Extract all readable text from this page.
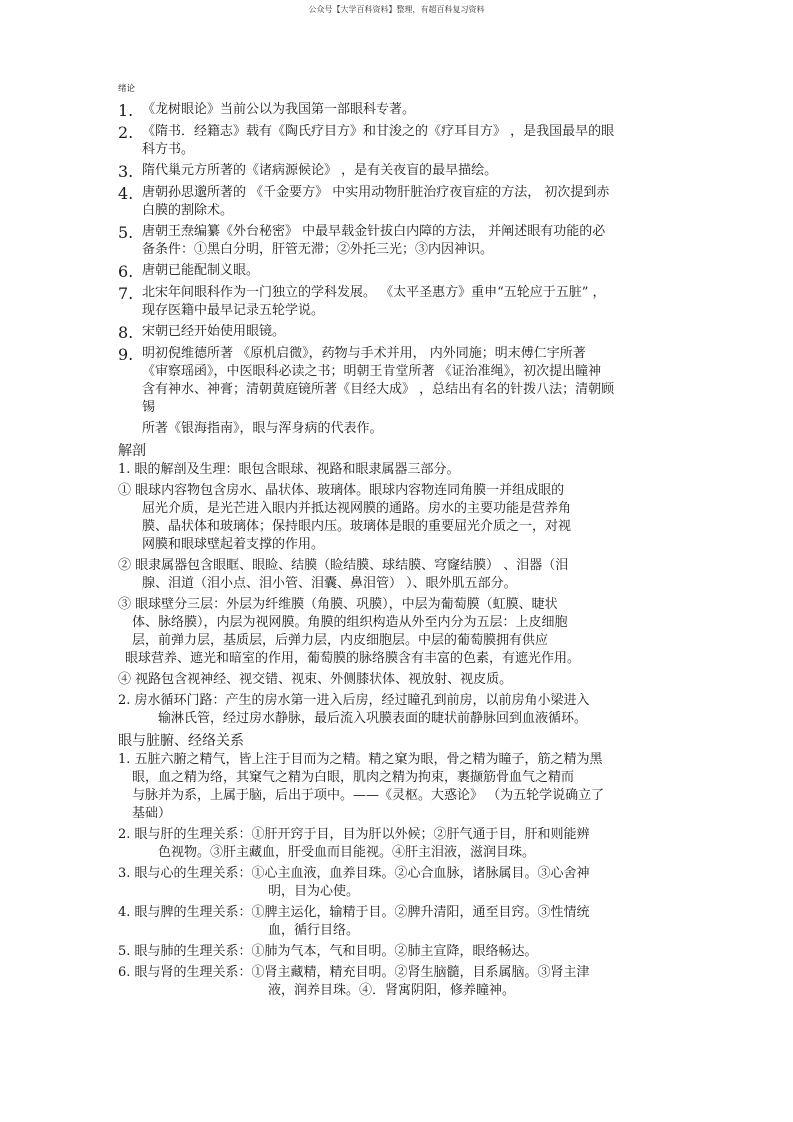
公众号【大学百科资料】整理，有超百科复习资料
绪论
1. 《龙树眼论》当前公以为我国第一部眼科专著。

2. 《隋书．经籍志》载有《陶氏疗目方》和甘浚之的《疗耳目方》 ，是我国最早的眼

科方书。

3. 隋代巢元方所著的《诸病源候论》 ，是有关夜盲的最早描绘。

4. 唐朝孙思邈所著的 《千金要方》 中实用动物肝脏治疗夜盲症的方法， 初次提到赤

白膜的割除术。

5. 唐朝王焘编纂《外台秘密》 中最早载金针拔白内障的方法， 并阐述眼有功能的必

备条件：①黑白分明，肝管无滞；②外托三光；③内因神识。

6. 唐朝已能配制义眼。

7. 北宋年间眼科作为一门独立的学科发展。 《太平圣惠方》重申“五轮应于五脏” ，

现存医籍中最早记录五轮学说。

8. 宋朝已经开始使用眼镜。

9. 明初倪维德所著 《原机启微》，药物与手术并用， 内外同施；明末傅仁宇所著

《审察瑶函》，中医眼科必读之书；明朝王肯堂所著 《证治准绳》，初次提出瞳神

含有神水、神膏；清朝黄庭镜所著《目经大成》 ，总结出有名的针拨八法；清朝顾

锡

所著《银海指南》，眼与浑身病的代表作。

解剖

1. 眼的解剖及生理：眼包含眼球、视路和眼隶属器三部分。

① 眼球内容物包含房水、晶状体、玻璃体。眼球内容物连同角膜一并组成眼的

屈光介质，是光芒进入眼内并抵达视网膜的通路。房水的主要功能是营养角

膜、晶状体和玻璃体；保持眼内压。玻璃体是眼的重要屈光介质之一，对视

网膜和眼球壁起着支撑的作用。

② 眼隶属器包含眼眶、眼睑、结膜（睑结膜、球结膜、穹窿结膜） 、泪器（泪

腺、泪道（泪小点、泪小管、泪囊、鼻泪管） ）、眼外肌五部分。

③ 眼球壁分三层：外层为纤维膜（角膜、巩膜），中层为葡萄膜（虹膜、睫状

体、脉络膜），内层为视网膜。角膜的组织构造从外至内分为五层：上皮细胞

层，前弹力层，基质层，后弹力层，内皮细胞层。中层的葡萄膜拥有供应

眼球营养、遮光和暗室的作用，葡萄膜的脉络膜含有丰富的色素，有遮光作用。

④ 视路包含视神经、视交错、视束、外侧膝状体、视放射、视皮质。

2. 房水循环门路：产生的房水第一进入后房，经过瞳孔到前房，以前房角小梁进入

输淋氏管，经过房水静脉，最后流入巩膜表面的睫状前静脉回到血液循环。

眼与脏腑、经络关系

1. 五脏六腑之精气，皆上注于目而为之精。精之窠为眼，骨之精为瞳子，筋之精为黑

眼，血之精为络，其窠气之精为白眼，肌肉之精为拘束，裹撷筋骨血气之精而

与脉并为系，上属于脑，后出于项中。——《灵枢。大惑论》 （为五轮学说确立了

基础）

2. 眼与肝的生理关系：①肝开窍于目，目为肝以外候；②肝气通于目，肝和则能辨

色视物。③肝主藏血，肝受血而目能视。④肝主泪液，滋润目珠。

3. 眼与心的生理关系：①心主血液，血养目珠。②心合血脉，诸脉属目。③心舍神

明，目为心使。

4. 眼与脾的生理关系：①脾主运化，输精于目。②脾升清阳，通至目窍。③性情统

血，循行目络。

5. 眼与肺的生理关系：①肺为气本，气和目明。②肺主宣降，眼络畅达。

6. 眼与肾的生理关系：①肾主藏精，精充目明。②肾生脑髓，目系属脑。③肾主津

液，润养目珠。④．肾寓阴阳，修养瞳神。
